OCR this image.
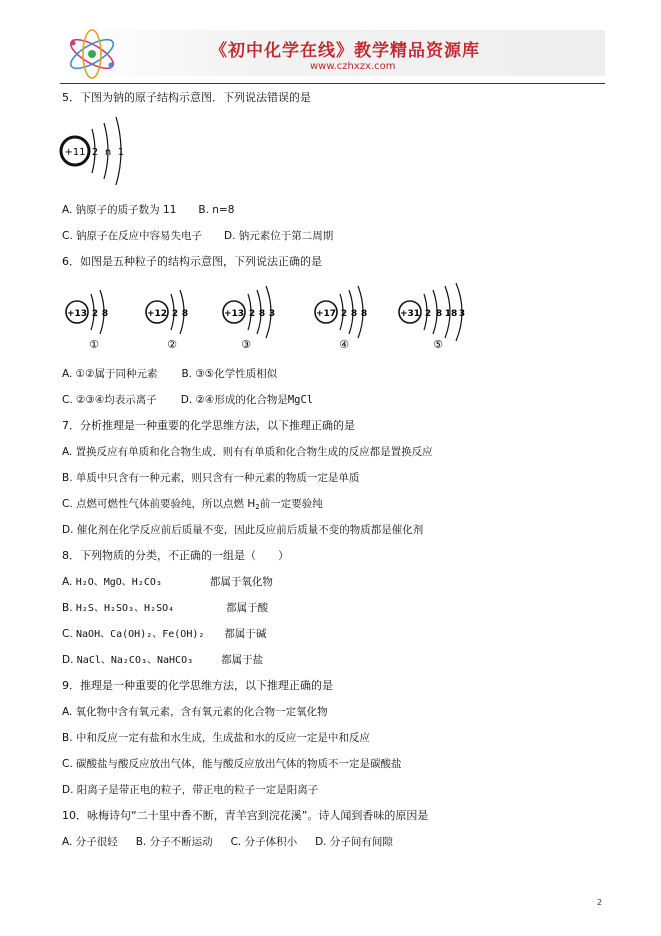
《初中化学在线》教学精品资源库
www.czhxzx.com
5．下图为钠的原子结构示意图．下列说法错误的是
+11 2 n 1
A. 钠原子的质子数为 11 B. n=8
C. 钠原子在反应中容易失电子 D. 钠元素位于第二周期
6．如图是五种粒子的结构示意图，下列说法正确的是
+13 2 8
①
+12 2 8
②
+13 2 8 3
③
+17 2 8 8
④
+31 2 8 18 3
⑤
A. ①②属于同种元素 B. ③⑤化学性质相似
C. ②③④均表示离子 D. ②④形成的化合物是MgCl
7．分析推理是一种重要的化学思维方法，以下推理正确的是
A. 置换反应有单质和化合物生成、则有有单质和化合物生成的反应都是置换反应
B. 单质中只含有一种元素，则只含有一种元素的物质一定是单质
C. 点燃可燃性气体前要验纯，所以点燃 $H_2$前一定要验纯
D. 催化剂在化学反应前后质量不变，因此反应前后质量不变的物质都是催化剂
8．下列物质的分类，不正确的一组是（　　）
A. H₂O、MgO、H₂CO₃	都属于氧化物
B. H₂S、H₂SO₃、H₂SO₄	都属于酸
C. NaOH、Ca(OH)₂、Fe(OH)₂ 都属于碱
D. NaCl、Na₂CO₃、NaHCO₃	都属于盐
9．推理是一种重要的化学思维方法，以下推理正确的是
A. 氧化物中含有氧元素，含有氧元素的化合物一定氧化物
B. 中和反应一定有盐和水生成，生成盐和水的反应一定是中和反应
C. 碳酸盐与酸反应放出气体，能与酸反应放出气体的物质不一定是碳酸盐
D. 阳离子是带正电的粒子，带正电的粒子一定是阳离子
10．咏梅诗句“二十里中香不断，青羊宫到浣花溪”。诗人闻到香味的原因是
A. 分子很轻 B. 分子不断运动 C. 分子体积小 D. 分子间有间隙
2
